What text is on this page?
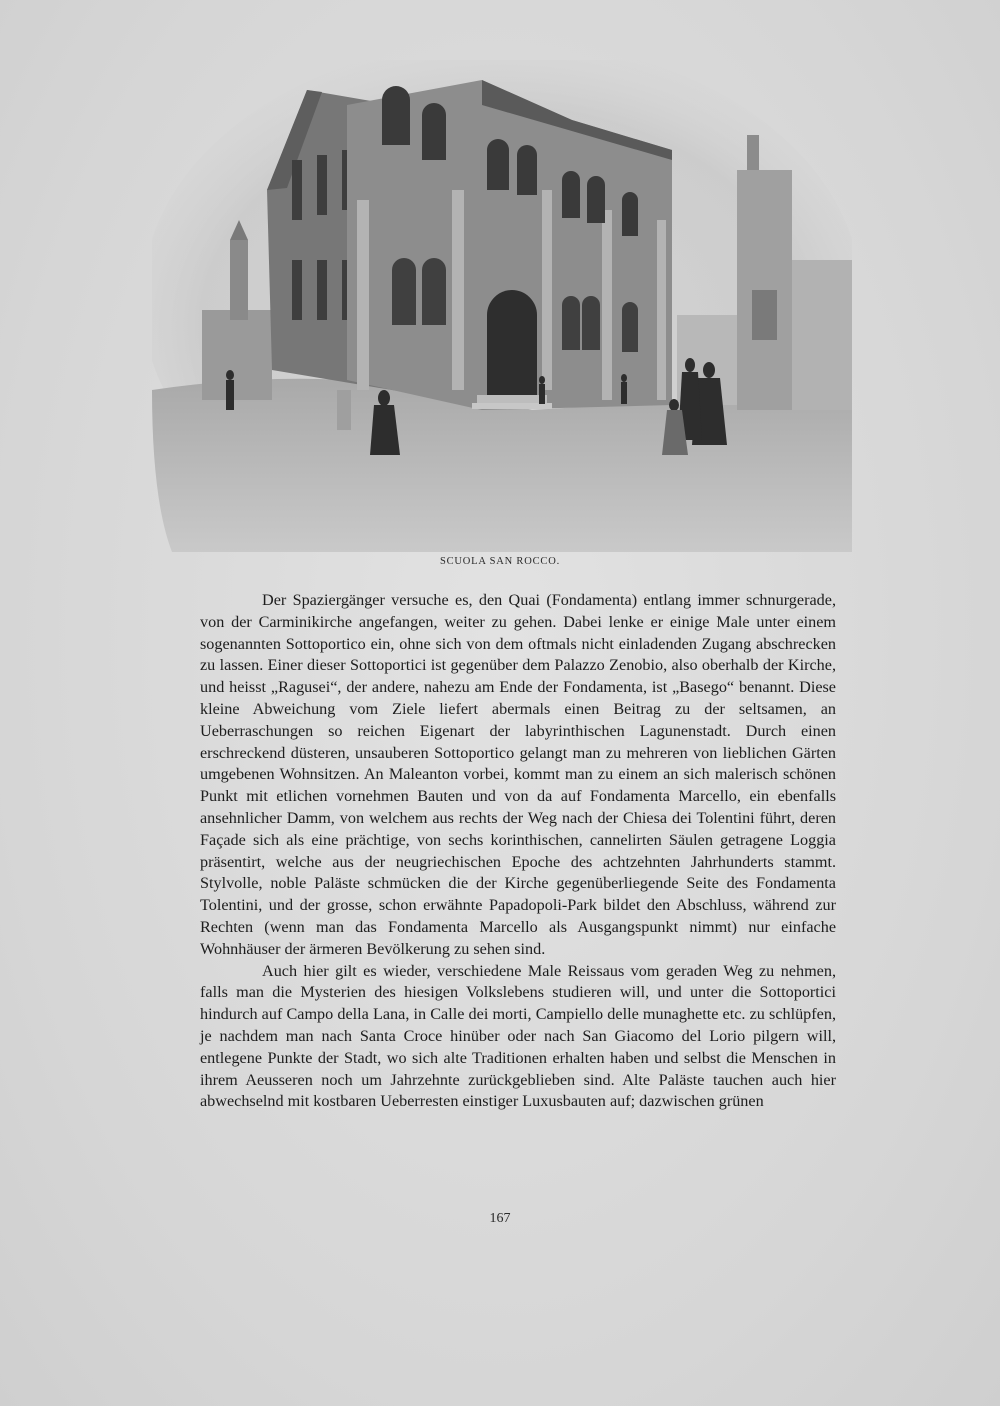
SCUOLA SAN ROCCO.

Der Spaziergänger versuche es, den Quai (Fondamenta) entlang immer schnurgerade, von der Carminikirche angefangen, weiter zu gehen. Dabei lenke er einige Male unter einem sogenannten Sottoportico ein, ohne sich von dem oftmals nicht einladenden Zugang abschrecken zu lassen. Einer dieser Sottoportici ist gegenüber dem Palazzo Zenobio, also oberhalb der Kirche, und heisst „Ragusei“, der andere, nahezu am Ende der Fondamenta, ist „Basego“ benannt. Diese kleine Abweichung vom Ziele liefert abermals einen Beitrag zu der seltsamen, an Ueberraschungen so reichen Eigenart der labyrinthischen Lagunenstadt. Durch einen erschreckend düsteren, unsauberen Sottoportico gelangt man zu mehreren von lieblichen Gärten umgebenen Wohnsitzen. An Maleanton vorbei, kommt man zu einem an sich malerisch schönen Punkt mit etlichen vornehmen Bauten und von da auf Fondamenta Marcello, ein ebenfalls ansehnlicher Damm, von welchem aus rechts der Weg nach der Chiesa dei Tolentini führt, deren Façade sich als eine prächtige, von sechs korinthischen, cannelirten Säulen getragene Loggia präsentirt, welche aus der neugriechischen Epoche des achtzehnten Jahrhunderts stammt. Stylvolle, noble Paläste schmücken die der Kirche gegenüberliegende Seite des Fondamenta Tolentini, und der grosse, schon erwähnte Papadopoli-Park bildet den Abschluss, während zur Rechten (wenn man das Fondamenta Marcello als Ausgangspunkt nimmt) nur einfache Wohnhäuser der ärmeren Bevölkerung zu sehen sind.

Auch hier gilt es wieder, verschiedene Male Reissaus vom geraden Weg zu nehmen, falls man die Mysterien des hiesigen Volkslebens studieren will, und unter die Sottoportici hindurch auf Campo della Lana, in Calle dei morti, Campiello delle munaghette etc. zu schlüpfen, je nachdem man nach Santa Croce hinüber oder nach San Giacomo del Lorio pilgern will, entlegene Punkte der Stadt, wo sich alte Traditionen erhalten haben und selbst die Menschen in ihrem Aeusseren noch um Jahrzehnte zurückgeblieben sind. Alte Paläste tauchen auch hier abwechselnd mit kostbaren Ueberresten einstiger Luxusbauten auf; dazwischen grünen

167
